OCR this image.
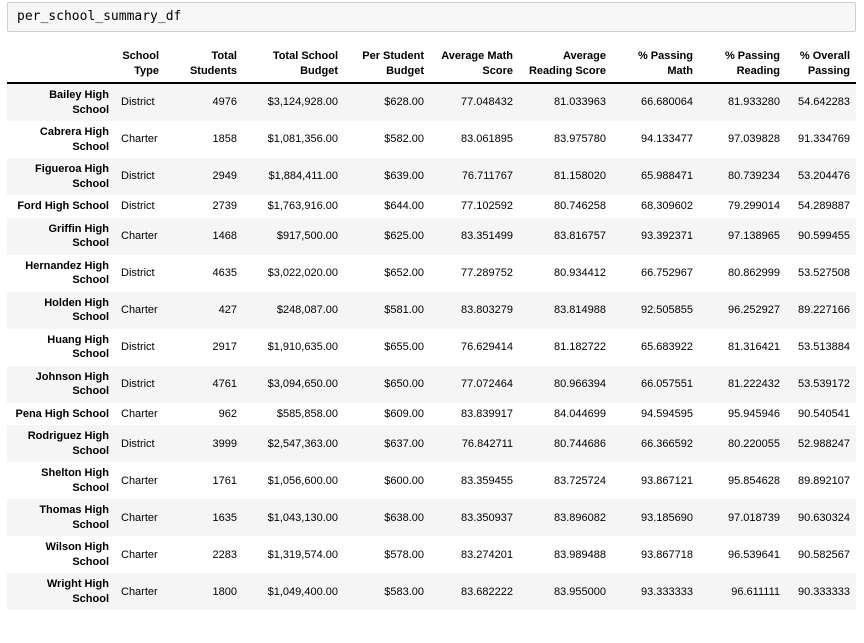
per_school_summary_df
	School Type	Total Students	Total School Budget	Per Student Budget	Average Math Score	Average Reading Score	% Passing Math	% Passing Reading	% Overall Passing
Bailey High School	District	4976	$3,124,928.00	$628.00	77.048432	81.033963	66.680064	81.933280	54.642283
Cabrera High School	Charter	1858	$1,081,356.00	$582.00	83.061895	83.975780	94.133477	97.039828	91.334769
Figueroa High School	District	2949	$1,884,411.00	$639.00	76.711767	81.158020	65.988471	80.739234	53.204476
Ford High School	District	2739	$1,763,916.00	$644.00	77.102592	80.746258	68.309602	79.299014	54.289887
Griffin High School	Charter	1468	$917,500.00	$625.00	83.351499	83.816757	93.392371	97.138965	90.599455
Hernandez High School	District	4635	$3,022,020.00	$652.00	77.289752	80.934412	66.752967	80.862999	53.527508
Holden High School	Charter	427	$248,087.00	$581.00	83.803279	83.814988	92.505855	96.252927	89.227166
Huang High School	District	2917	$1,910,635.00	$655.00	76.629414	81.182722	65.683922	81.316421	53.513884
Johnson High School	District	4761	$3,094,650.00	$650.00	77.072464	80.966394	66.057551	81.222432	53.539172
Pena High School	Charter	962	$585,858.00	$609.00	83.839917	84.044699	94.594595	95.945946	90.540541
Rodriguez High School	District	3999	$2,547,363.00	$637.00	76.842711	80.744686	66.366592	80.220055	52.988247
Shelton High School	Charter	1761	$1,056,600.00	$600.00	83.359455	83.725724	93.867121	95.854628	89.892107
Thomas High School	Charter	1635	$1,043,130.00	$638.00	83.350937	83.896082	93.185690	97.018739	90.630324
Wilson High School	Charter	2283	$1,319,574.00	$578.00	83.274201	83.989488	93.867718	96.539641	90.582567
Wright High School	Charter	1800	$1,049,400.00	$583.00	83.682222	83.955000	93.333333	96.611111	90.333333
